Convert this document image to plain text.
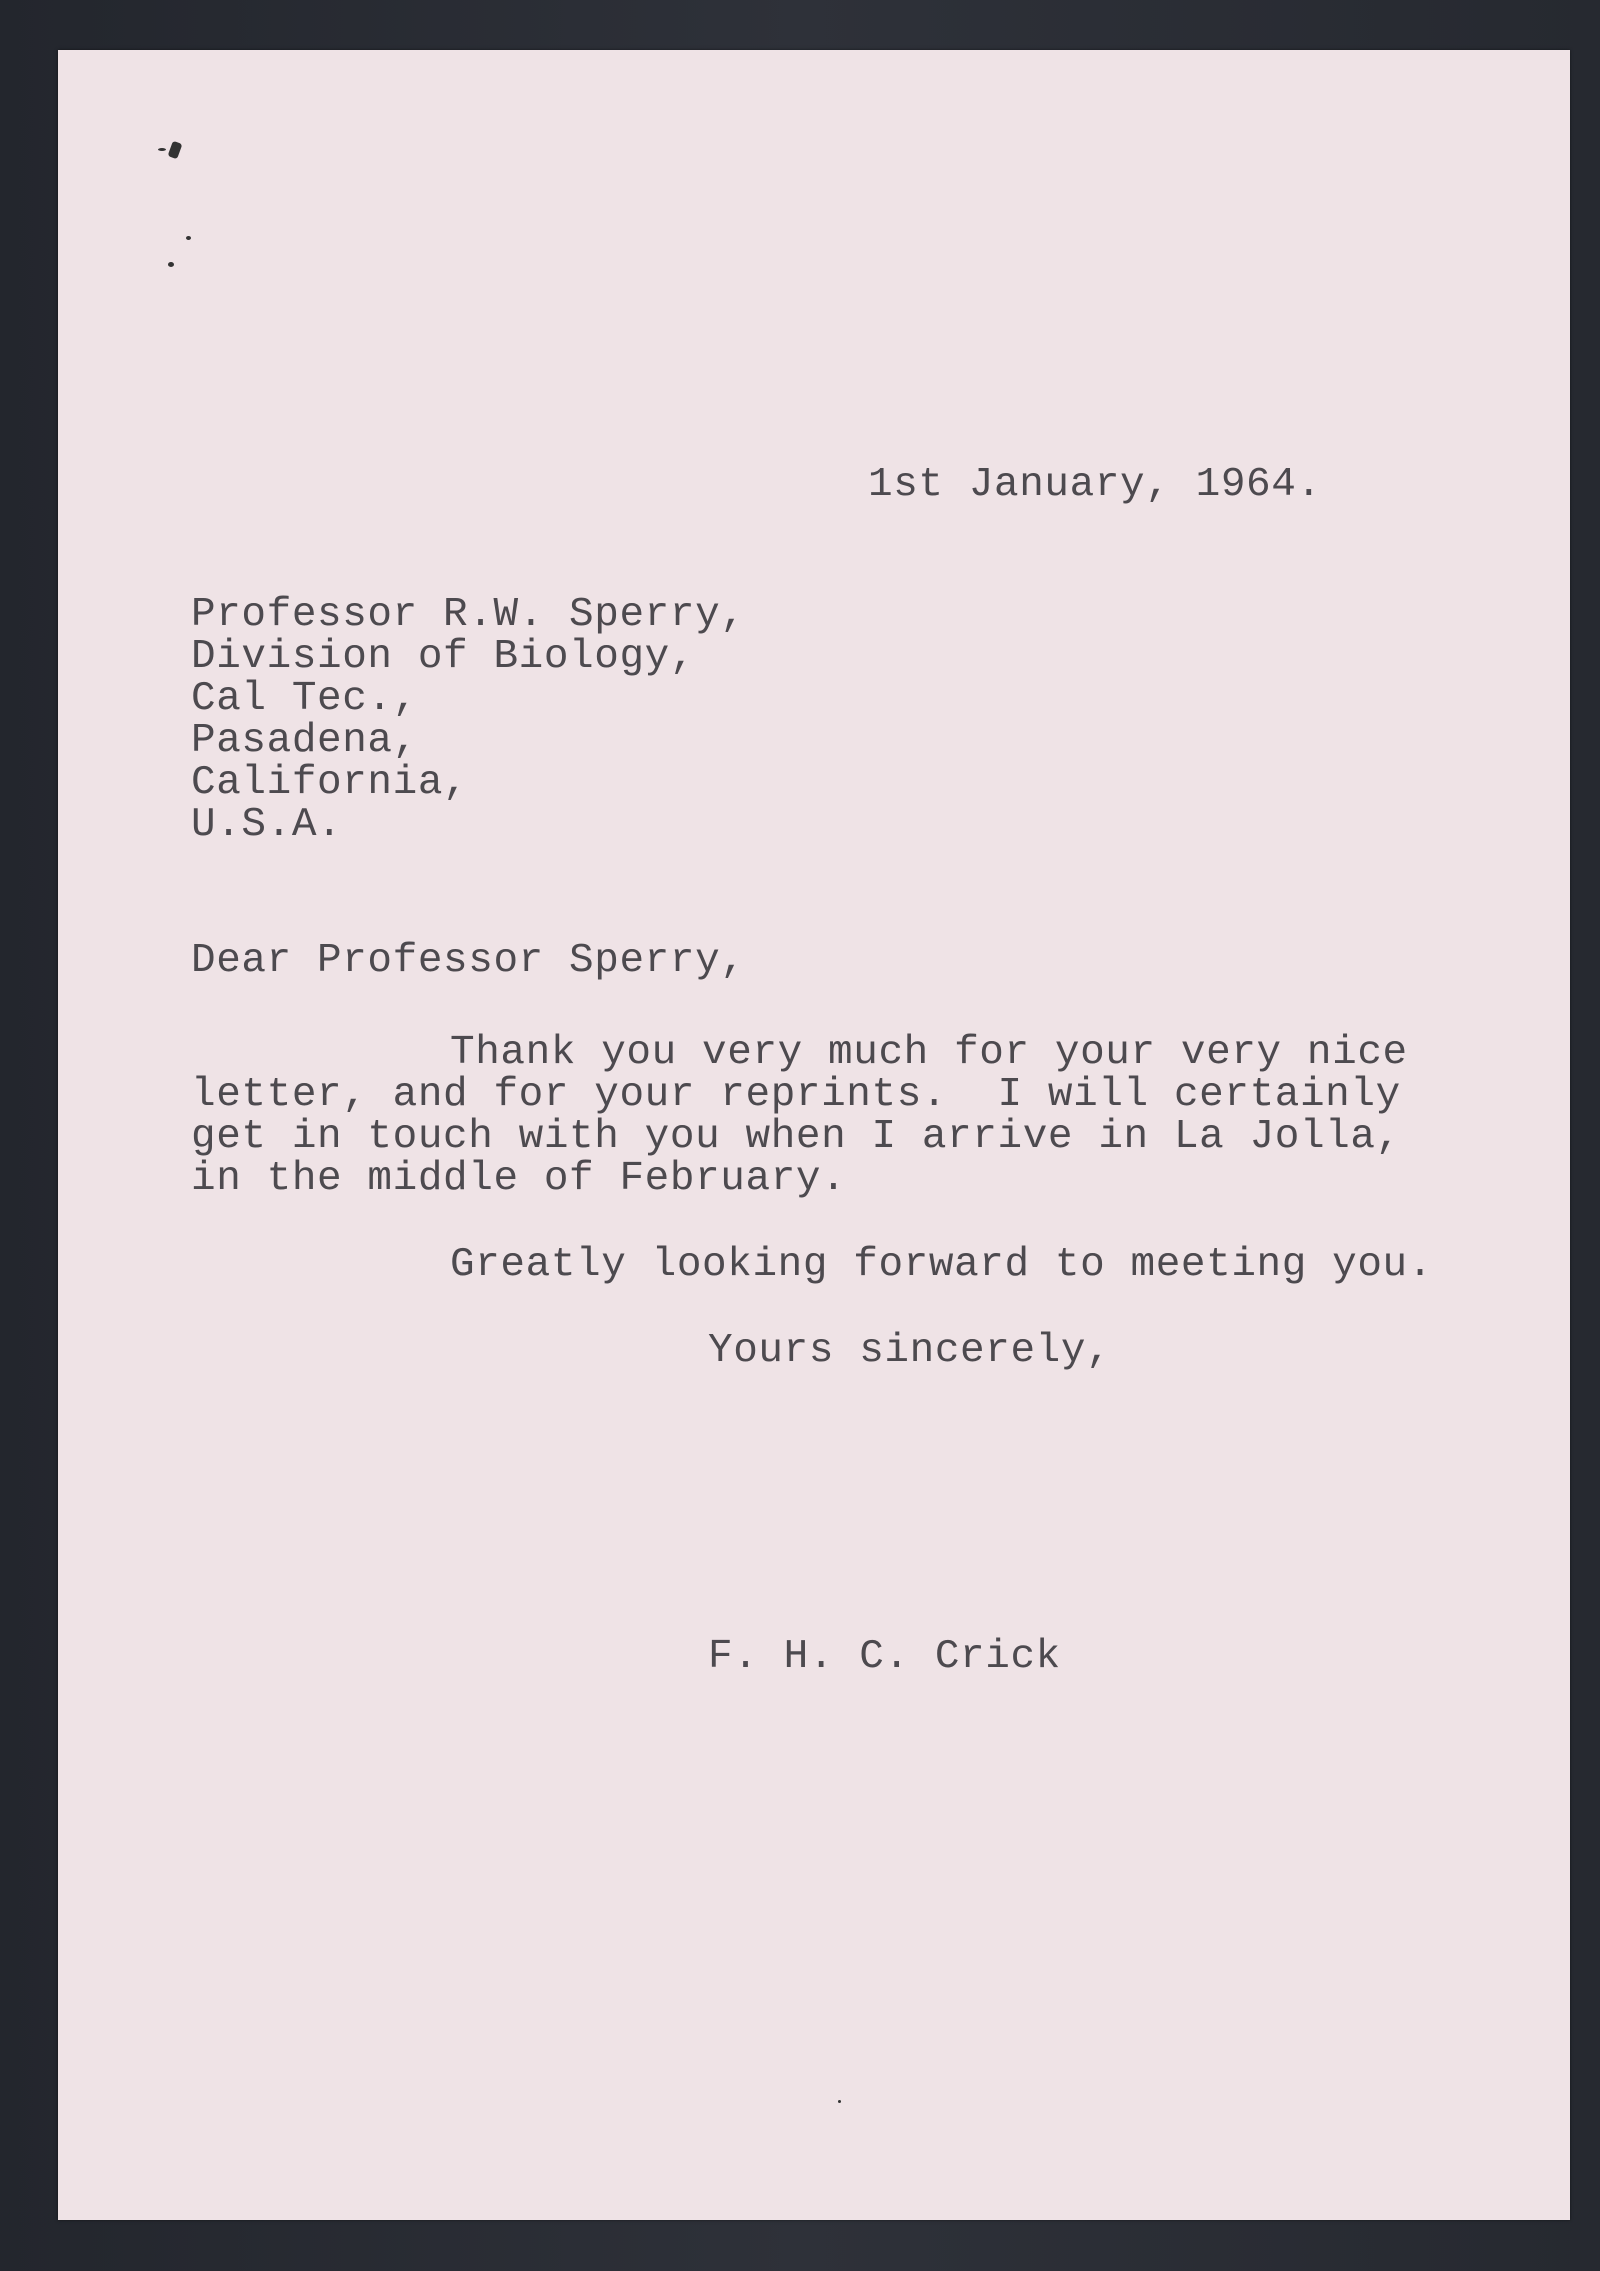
1st January, 1964.
Professor R.W. Sperry,
Division of Biology,
Cal Tec.,
Pasadena,
California,
U.S.A.
Dear Professor Sperry,
Thank you very much for your very nice
letter, and for your reprints.  I will certainly
get in touch with you when I arrive in La Jolla,
in the middle of February.
Greatly looking forward to meeting you.
Yours sincerely,
F. H. C. Crick
